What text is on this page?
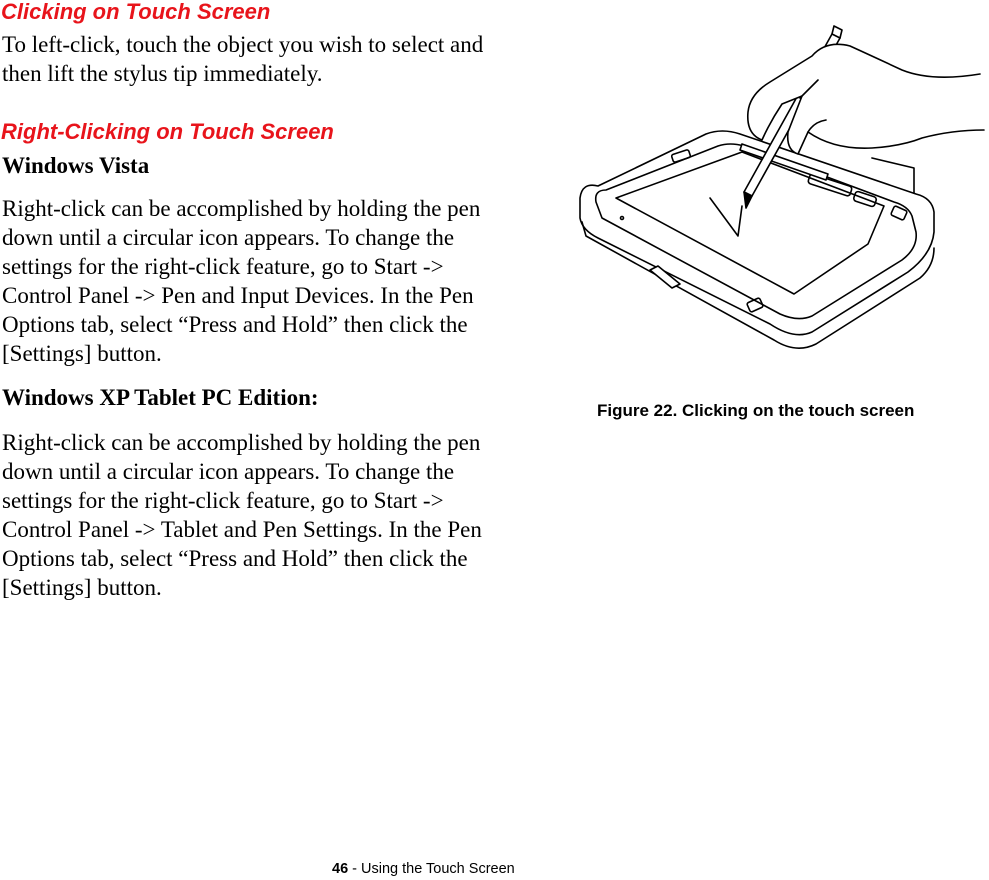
Clicking on Touch Screen

To left-click, touch the object you wish to select and
then lift the stylus tip immediately.

Right-Clicking on Touch Screen

Windows Vista

Right-click can be accomplished by holding the pen
down until a circular icon appears. To change the
settings for the right-click feature, go to Start ->
Control Panel -> Pen and Input Devices. In the Pen
Options tab, select “Press and Hold” then click the
[Settings] button.

Windows XP Tablet PC Edition:

Right-click can be accomplished by holding the pen
down until a circular icon appears. To change the
settings for the right-click feature, go to Start ->
Control Panel -> Tablet and Pen Settings. In the Pen
Options tab, select “Press and Hold” then click the
[Settings] button.

Figure 22. Clicking on the touch screen

46 - Using the Touch Screen
